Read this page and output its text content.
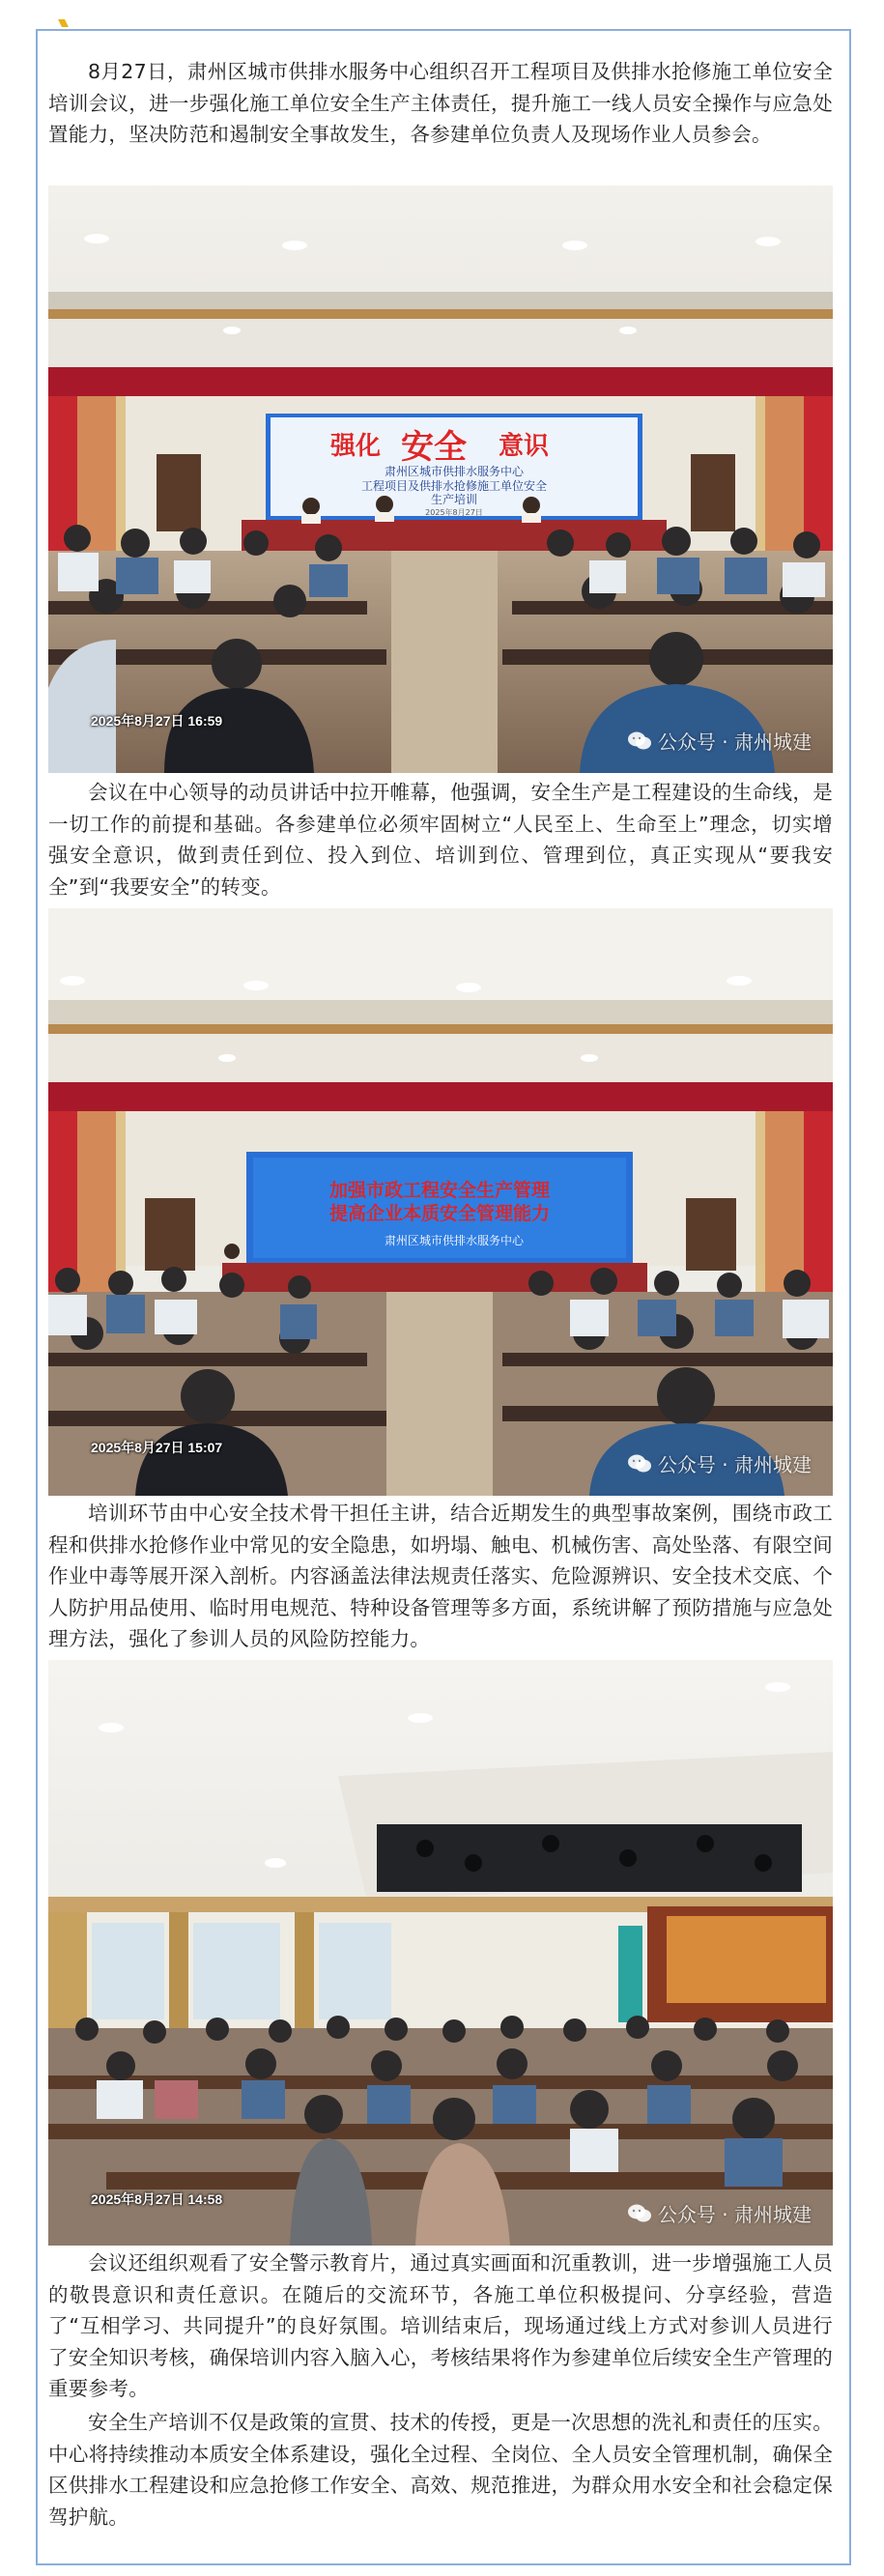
8月27日，肃州区城市供排水服务中心组织召开工程项目及供排水抢修施工单位安全培训会议，进一步强化施工单位安全生产主体责任，提升施工一线人员安全操作与应急处置能力，坚决防范和遏制安全事故发生，各参建单位负责人及现场作业人员参会。

强化 安全 意识
肃州区城市供排水服务中心
工程项目及供排水抢修施工单位安全
生产培训
2025年8月27日
2025年8月27日 16:59
公众号 · 肃州城建

会议在中心领导的动员讲话中拉开帷幕，他强调，安全生产是工程建设的生命线，是一切工作的前提和基础。各参建单位必须牢固树立“人民至上、生命至上”理念，切实增强安全意识，做到责任到位、投入到位、培训到位、管理到位，真正实现从“要我安全”到“我要安全”的转变。

加强市政工程安全生产管理
提高企业本质安全管理能力
肃州区城市供排水服务中心
2025年8月27日 15:07
公众号 · 肃州城建

培训环节由中心安全技术骨干担任主讲，结合近期发生的典型事故案例，围绕市政工程和供排水抢修作业中常见的安全隐患，如坍塌、触电、机械伤害、高处坠落、有限空间作业中毒等展开深入剖析。内容涵盖法律法规责任落实、危险源辨识、安全技术交底、个人防护用品使用、临时用电规范、特种设备管理等多方面，系统讲解了预防措施与应急处理方法，强化了参训人员的风险防控能力。

2025年8月27日 14:58
公众号 · 肃州城建

会议还组织观看了安全警示教育片，通过真实画面和沉重教训，进一步增强施工人员的敬畏意识和责任意识。在随后的交流环节，各施工单位积极提问、分享经验，营造了“互相学习、共同提升”的良好氛围。培训结束后，现场通过线上方式对参训人员进行了安全知识考核，确保培训内容入脑入心，考核结果将作为参建单位后续安全生产管理的重要参考。

安全生产培训不仅是政策的宣贯、技术的传授，更是一次思想的洗礼和责任的压实。中心将持续推动本质安全体系建设，强化全过程、全岗位、全人员安全管理机制，确保全区供排水工程建设和应急抢修工作安全、高效、规范推进，为群众用水安全和社会稳定保驾护航。
